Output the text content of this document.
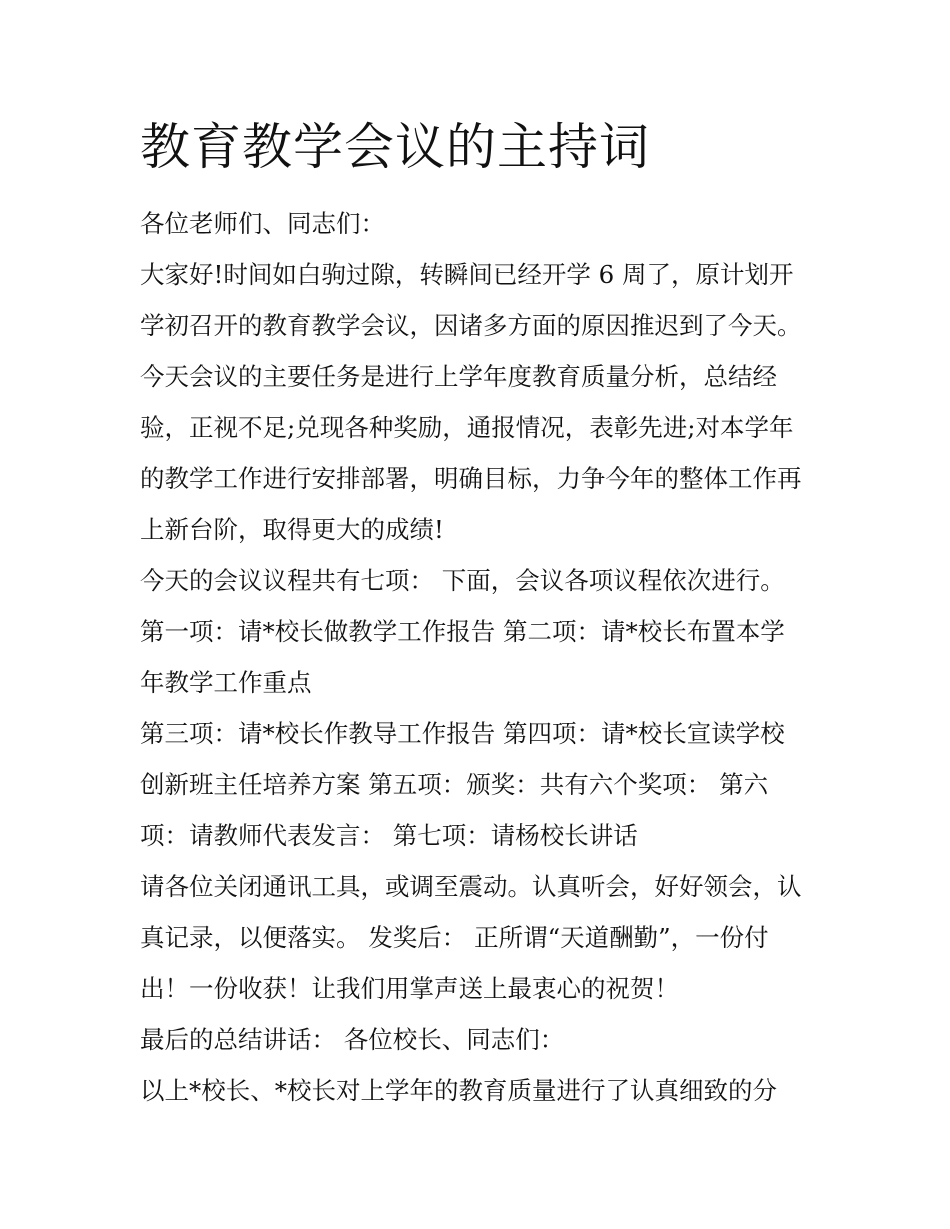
教育教学会议的主持词
各位老师们、同志们：
大家好!时间如白驹过隙，转瞬间已经开学 6 周了，原计划开
学初召开的教育教学会议，因诸多方面的原因推迟到了今天。
今天会议的主要任务是进行上学年度教育质量分析，总结经
验，正视不足;兑现各种奖励，通报情况，表彰先进;对本学年
的教学工作进行安排部署，明确目标，力争今年的整体工作再
上新台阶，取得更大的成绩!
今天的会议议程共有七项： 下面，会议各项议程依次进行。
第一项：请*校长做教学工作报告 第二项：请*校长布置本学
年教学工作重点
第三项：请*校长作教导工作报告 第四项：请*校长宣读学校
创新班主任培养方案 第五项：颁奖：共有六个奖项： 第六
项：请教师代表发言： 第七项：请杨校长讲话
请各位关闭通讯工具，或调至震动。认真听会，好好领会，认
真记录，以便落实。 发奖后： 正所谓“天道酬勤”，一份付
出！一份收获！让我们用掌声送上最衷心的祝贺！
最后的总结讲话： 各位校长、同志们：
以上*校长、*校长对上学年的教育质量进行了认真细致的分
